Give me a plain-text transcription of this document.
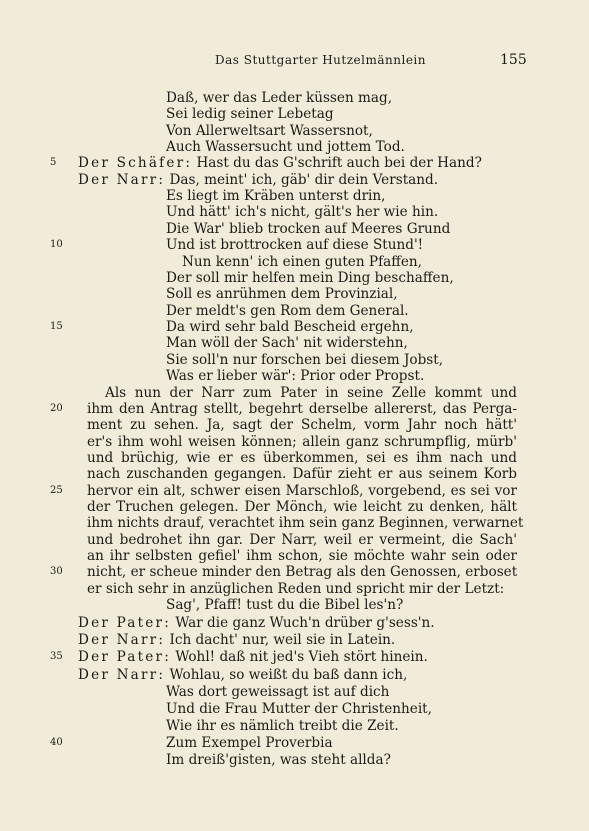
Das Stuttgarter Hutzelmännlein	155
Daß, wer das Leder küssen mag,
Sei ledig seiner Lebetag
Von Allerweltsart Wassersnot,
Auch Wassersucht und jottem Tod.
5	Der Schäfer: Hast du das G'schrift auch bei der Hand?
Der Narr: Das, meint' ich, gäb' dir dein Verstand.
Es liegt im Kräben unterst drin,
Und hätt' ich's nicht, gält's her wie hin.
Die War' blieb trocken auf Meeres Grund
10	Und ist brottrocken auf diese Stund'!
Nun kenn' ich einen guten Pfaffen,
Der soll mir helfen mein Ding beschaffen,
Soll es anrühmen dem Provinzial,
Der meldt's gen Rom dem General.
15	Da wird sehr bald Bescheid ergehn,
Man wöll der Sach' nit widerstehn,
Sie soll'n nur forschen bei diesem Jobst,
Was er lieber wär': Prior oder Propst.
Als nun der Narr zum Pater in seine Zelle kommt und
20 ihm den Antrag stellt, begehrt derselbe allererst, das Perga-
ment zu sehen. Ja, sagt der Schelm, vorm Jahr noch hätt'
er's ihm wohl weisen können; allein ganz schrumpflig, mürb'
und brüchig, wie er es überkommen, sei es ihm nach und
nach zuschanden gegangen. Dafür zieht er aus seinem Korb
25 hervor ein alt, schwer eisen Marschloß, vorgebend, es sei vor
der Truchen gelegen. Der Mönch, wie leicht zu denken, hält
ihm nichts drauf, verachtet ihm sein ganz Beginnen, verwarnet
und bedrohet ihn gar. Der Narr, weil er vermeint, die Sach'
an ihr selbsten gefiel' ihm schon, sie möchte wahr sein oder
30 nicht, er scheue minder den Betrag als den Genossen, erboset
er sich sehr in anzüglichen Reden und spricht mir der Letzt:
Sag', Pfaff! tust du die Bibel les'n?
Der Pater: War die ganz Wuch'n drüber g'sess'n.
Der Narr: Ich dacht' nur, weil sie in Latein.
35 Der Pater: Wohl! daß nit jed's Vieh stört hinein.
Der Narr: Wohlau, so weißt du baß dann ich,
Was dort geweissagt ist auf dich
Und die Frau Mutter der Christenheit,
Wie ihr es nämlich treibt die Zeit.
40	Zum Exempel Proverbia
Im dreiß'gisten, was steht allda?
